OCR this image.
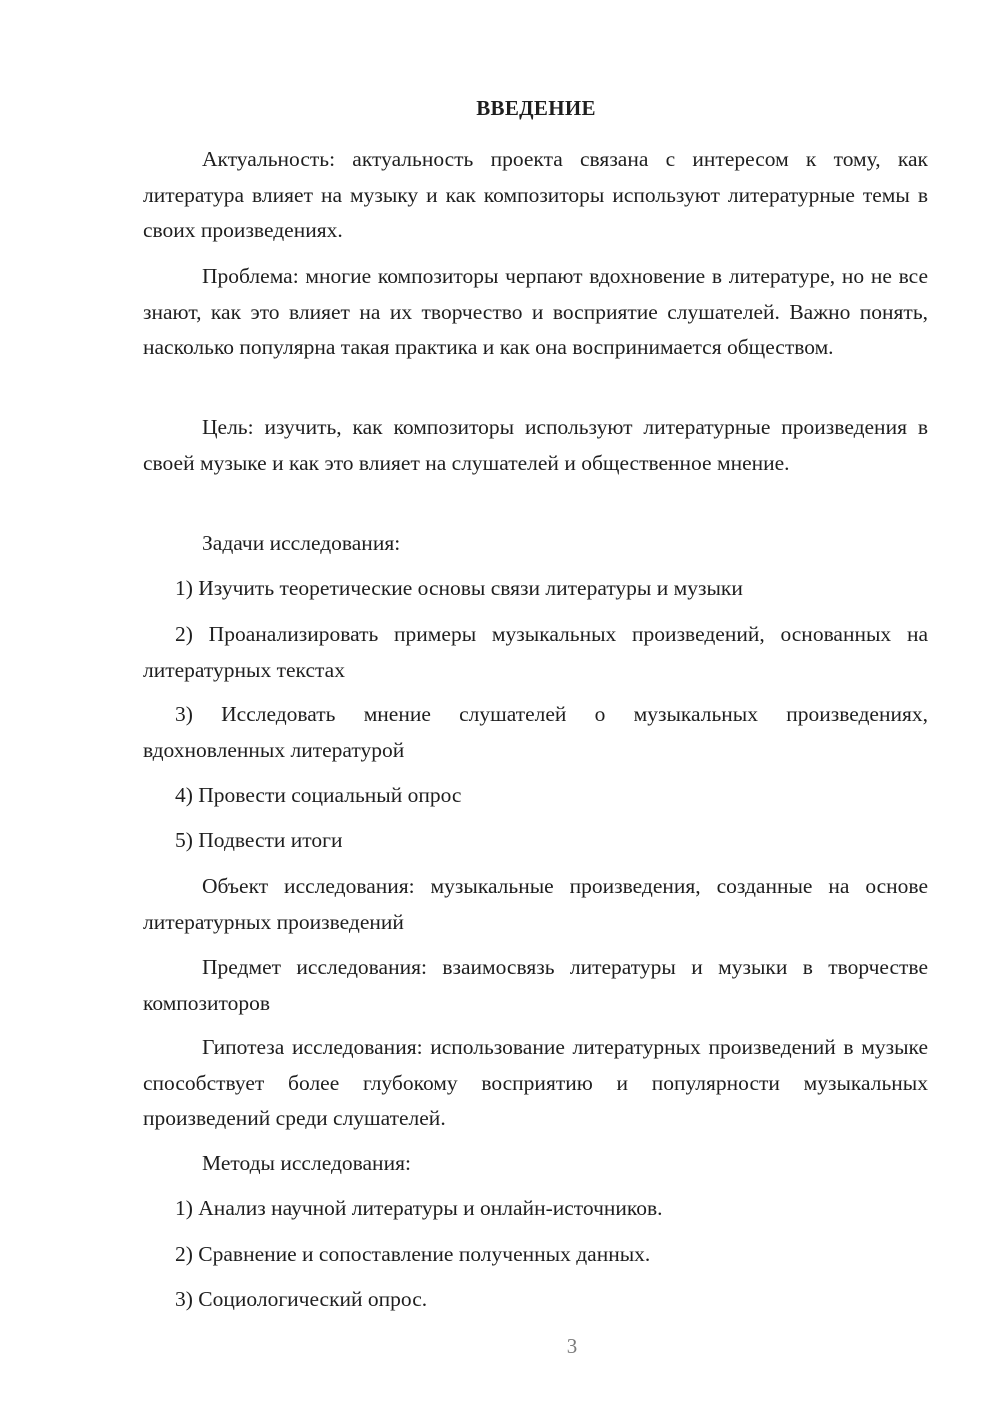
ВВЕДЕНИЕ

Актуальность: актуальность проекта связана с интересом к тому, как литература влияет на музыку и как композиторы используют литературные темы в своих произведениях.

Проблема: многие композиторы черпают вдохновение в литературе, но не все знают, как это влияет на их творчество и восприятие слушателей. Важно понять, насколько популярна такая практика и как она воспринимается обществом.

Цель: изучить, как композиторы используют литературные произведения в своей музыке и как это влияет на слушателей и общественное мнение.

Задачи исследования:

1) Изучить теоретические основы связи литературы и музыки

2) Проанализировать примеры музыкальных произведений, основанных на литературных текстах

3) Исследовать мнение слушателей о музыкальных произведениях, вдохновленных литературой

4) Провести социальный опрос

5) Подвести итоги

Объект исследования: музыкальные произведения, созданные на основе литературных произведений

Предмет исследования: взаимосвязь литературы и музыки в творчестве композиторов

Гипотеза исследования: использование литературных произведений в музыке способствует более глубокому восприятию и популярности музыкальных произведений среди слушателей.

Методы исследования:

1) Анализ научной литературы и онлайн-источников.

2) Сравнение и сопоставление полученных данных.

3) Социологический опрос.

3
